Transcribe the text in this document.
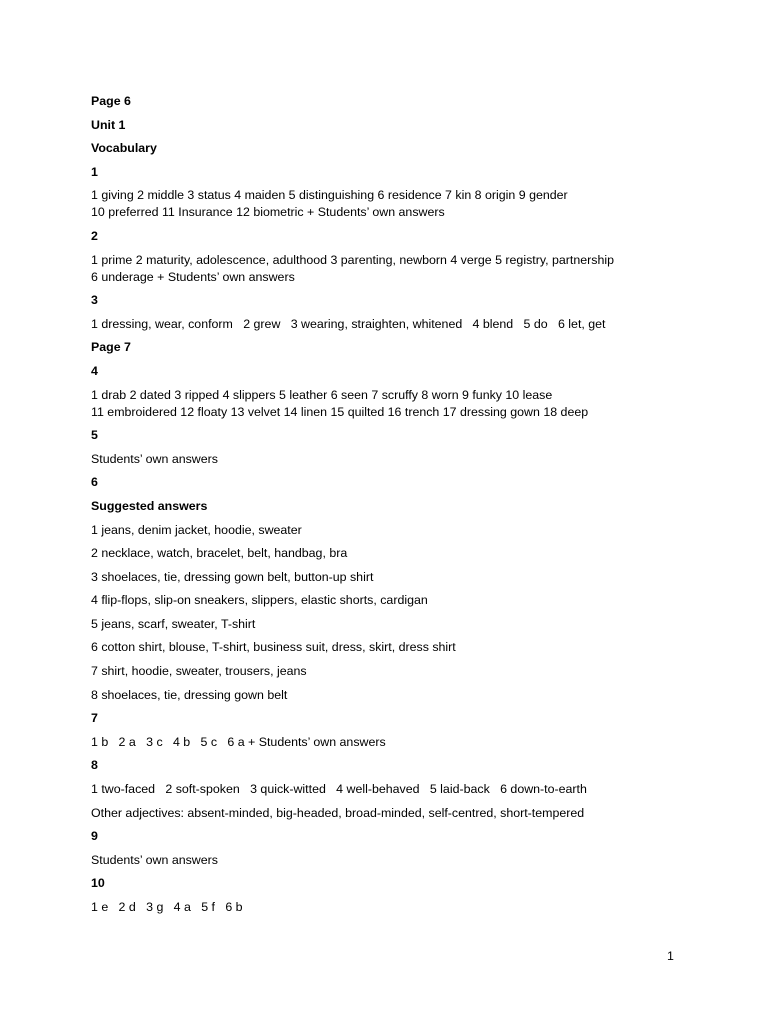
Page 6
Unit 1
Vocabulary
1
1 giving 2 middle 3 status 4 maiden 5 distinguishing 6 residence 7 kin 8 origin 9 gender
10 preferred 11 Insurance 12 biometric + Students’ own answers
2
1 prime 2 maturity, adolescence, adulthood 3 parenting, newborn 4 verge 5 registry, partnership
6 underage + Students’ own answers
3
1 dressing, wear, conform   2 grew   3 wearing, straighten, whitened   4 blend   5 do   6 let, get
Page 7
4
1 drab 2 dated 3 ripped 4 slippers 5 leather 6 seen 7 scruffy 8 worn 9 funky 10 lease
11 embroidered 12 floaty 13 velvet 14 linen 15 quilted 16 trench 17 dressing gown 18 deep
5
Students’ own answers
6
Suggested answers
1 jeans, denim jacket, hoodie, sweater
2 necklace, watch, bracelet, belt, handbag, bra
3 shoelaces, tie, dressing gown belt, button-up shirt
4 flip-flops, slip-on sneakers, slippers, elastic shorts, cardigan
5 jeans, scarf, sweater, T-shirt
6 cotton shirt, blouse, T-shirt, business suit, dress, skirt, dress shirt
7 shirt, hoodie, sweater, trousers, jeans
8 shoelaces, tie, dressing gown belt
7
1 b   2 a   3 c   4 b   5 c   6 a + Students’ own answers
8
1 two-faced   2 soft-spoken   3 quick-witted   4 well-behaved   5 laid-back   6 down-to-earth
Other adjectives: absent-minded, big-headed, broad-minded, self-centred, short-tempered
9
Students’ own answers
10
1 e   2 d   3 g   4 a   5 f   6 b
1
